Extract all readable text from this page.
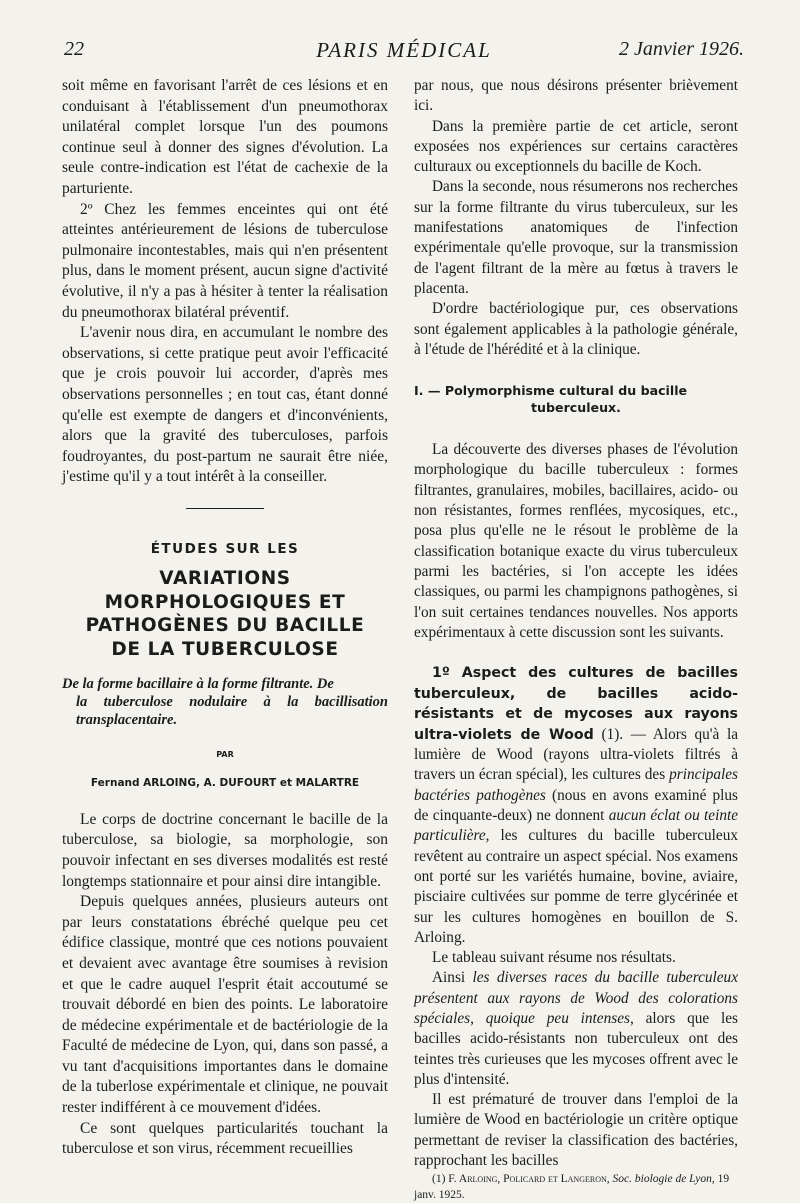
22	PARIS MÉDICAL	2 Janvier 1926.

soit même en favorisant l'arrêt de ces lésions et en conduisant à l'établissement d'un pneumothorax unilatéral complet lorsque l'un des poumons continue seul à donner des signes d'évolution. La seule contre-indication est l'état de cachexie de la parturiente.

2º Chez les femmes enceintes qui ont été atteintes antérieurement de lésions de tuberculose pulmonaire incontestables, mais qui n'en présentent plus, dans le moment présent, aucun signe d'activité évolutive, il n'y a pas à hésiter à tenter la réalisation du pneumothorax bilatéral préventif.

L'avenir nous dira, en accumulant le nombre des observations, si cette pratique peut avoir l'efficacité que je crois pouvoir lui accorder, d'après mes observations personnelles ; en tout cas, étant donné qu'elle est exempte de dangers et d'inconvénients, alors que la gravité des tuberculoses, parfois foudroyantes, du post-partum ne saurait être niée, j'estime qu'il y a tout intérêt à la conseiller.

ÉTUDES SUR LES
VARIATIONS
MORPHOLOGIQUES ET
PATHOGÈNES DU BACILLE
DE LA TUBERCULOSE
De la forme bacillaire à la forme filtrante. De
la tuberculose nodulaire à la bacillisation transplacentaire.
PAR
Fernand ARLOING, A. DUFOURT et MALARTRE

Le corps de doctrine concernant le bacille de la tuberculose, sa biologie, sa morphologie, son pouvoir infectant en ses diverses modalités est resté longtemps stationnaire et pour ainsi dire intangible.

Depuis quelques années, plusieurs auteurs ont par leurs constatations ébréché quelque peu cet édifice classique, montré que ces notions pouvaient et devaient avec avantage être soumises à revision et que le cadre auquel l'esprit était accoutumé se trouvait débordé en bien des points. Le laboratoire de médecine expérimentale et de bactériologie de la Faculté de médecine de Lyon, qui, dans son passé, a vu tant d'acquisitions importantes dans le domaine de la tuberlose expérimentale et clinique, ne pouvait rester indifférent à ce mouvement d'idées.

Ce sont quelques particularités touchant la tuberculose et son virus, récemment recueillies

par nous, que nous désirons présenter brièvement ici.

Dans la première partie de cet article, seront exposées nos expériences sur certains caractères culturaux ou exceptionnels du bacille de Koch.

Dans la seconde, nous résumerons nos recherches sur la forme filtrante du virus tuberculeux, sur les manifestations anatomiques de l'infection expérimentale qu'elle provoque, sur la transmission de l'agent filtrant de la mère au fœtus à travers le placenta.

D'ordre bactériologique pur, ces observations sont également applicables à la pathologie générale, à l'étude de l'hérédité et à la clinique.

I. — Polymorphisme cultural du bacille
tuberculeux.

La découverte des diverses phases de l'évolution morphologique du bacille tuberculeux : formes filtrantes, granulaires, mobiles, bacillaires, acido- ou non résistantes, formes renflées, mycosiques, etc., posa plus qu'elle ne le résout le problème de la classification botanique exacte du virus tuberculeux parmi les bactéries, si l'on accepte les idées classiques, ou parmi les champignons pathogènes, si l'on suit certaines tendances nouvelles. Nos apports expérimentaux à cette discussion sont les suivants.

1º Aspect des cultures de bacilles tuberculeux, de bacilles acido-résistants et de mycoses aux rayons ultra-violets de Wood (1). — Alors qu'à la lumière de Wood (rayons ultra-violets filtrés à travers un écran spécial), les cultures des principales bactéries pathogènes (nous en avons examiné plus de cinquante-deux) ne donnent aucun éclat ou teinte particulière, les cultures du bacille tuberculeux revêtent au contraire un aspect spécial. Nos examens ont porté sur les variétés humaine, bovine, aviaire, pisciaire cultivées sur pomme de terre glycérinée et sur les cultures homogènes en bouillon de S. Arloing.

Le tableau suivant résume nos résultats.

Ainsi les diverses races du bacille tuberculeux présentent aux rayons de Wood des colorations spéciales, quoique peu intenses, alors que les bacilles acido-résistants non tuberculeux ont des teintes très curieuses que les mycoses offrent avec le plus d'intensité.

Il est prématuré de trouver dans l'emploi de la lumière de Wood en bactériologie un critère optique permettant de reviser la classification des bactéries, rapprochant les bacilles

(1) F. Arloing, Policard et Langeron, Soc. biologie de Lyon, 19 janv. 1925.
